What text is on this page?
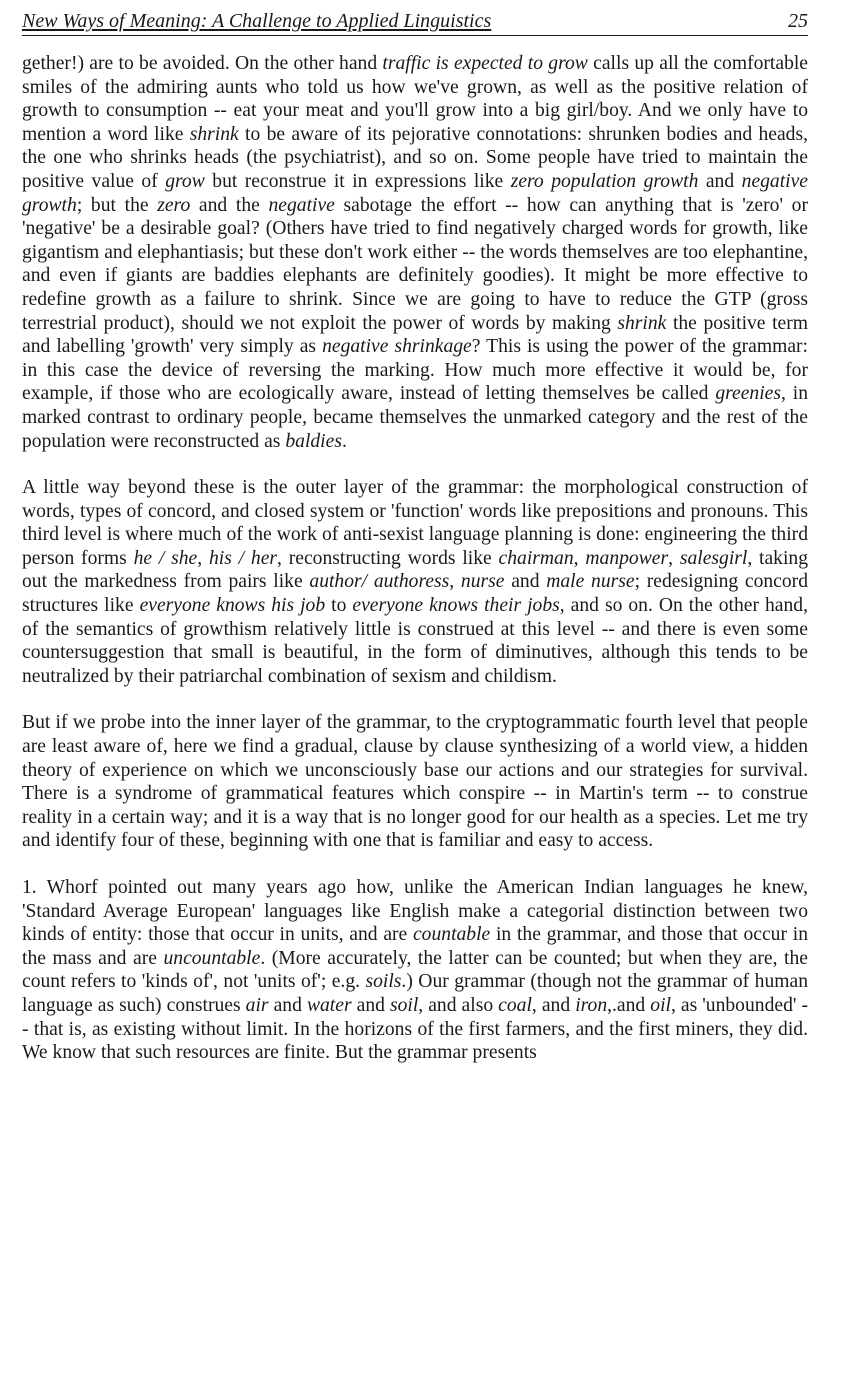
New Ways of Meaning: A Challenge to Applied Linguistics	25

gether!) are to be avoided. On the other hand traffic is expected to grow calls up all the comfortable smiles of the admiring aunts who told us how we've grown, as well as the positive relation of growth to consumption -- eat your meat and you'll grow into a big girl/boy. And we only have to mention a word like shrink to be aware of its pejorative connotations: shrunken bodies and heads, the one who shrinks heads (the psychiatrist), and so on. Some people have tried to maintain the positive value of grow but reconstrue it in expressions like zero population growth and negative growth; but the zero and the negative sabotage the effort -- how can anything that is 'zero' or 'negative' be a desirable goal? (Others have tried to find negatively charged words for growth, like gigantism and elephantiasis; but these don't work either -- the words themselves are too elephantine, and even if giants are baddies elephants are definitely goodies). It might be more effective to redefine growth as a failure to shrink. Since we are going to have to reduce the GTP (gross terrestrial product), should we not exploit the power of words by making shrink the positive term and labelling 'growth' very simply as negative shrinkage? This is using the power of the grammar: in this case the device of reversing the marking. How much more effective it would be, for example, if those who are ecologically aware, instead of letting themselves be called greenies, in marked contrast to ordinary people, became themselves the unmarked category and the rest of the population were reconstructed as baldies.

A little way beyond these is the outer layer of the grammar: the morphological construction of words, types of concord, and closed system or 'function' words like prepositions and pronouns. This third level is where much of the work of anti-sexist language planning is done: engineering the third person forms he / she, his / her, reconstructing words like chairman, manpower, salesgirl, taking out the markedness from pairs like author/ authoress, nurse and male nurse; redesigning concord structures like everyone knows his job to everyone knows their jobs, and so on. On the other hand, of the semantics of growthism relatively little is construed at this level -- and there is even some countersuggestion that small is beautiful, in the form of diminutives, although this tends to be neutralized by their patriarchal combination of sexism and childism.

But if we probe into the inner layer of the grammar, to the cryptogrammatic fourth level that people are least aware of, here we find a gradual, clause by clause synthesizing of a world view, a hidden theory of experience on which we unconsciously base our actions and our strategies for survival. There is a syndrome of grammatical features which conspire -- in Martin's term -- to construe reality in a certain way; and it is a way that is no longer good for our health as a species. Let me try and identify four of these, beginning with one that is familiar and easy to access.

1. Whorf pointed out many years ago how, unlike the American Indian languages he knew, 'Standard Average European' languages like English make a categorial distinction between two kinds of entity: those that occur in units, and are countable in the grammar, and those that occur in the mass and are uncountable. (More accurately, the latter can be counted; but when they are, the count refers to 'kinds of', not 'units of'; e.g. soils.) Our grammar (though not the grammar of human language as such) construes air and water and soil, and also coal, and iron,.and oil, as 'unbounded' -- that is, as existing without limit. In the horizons of the first farmers, and the first miners, they did. We know that such resources are finite. But the grammar presents
